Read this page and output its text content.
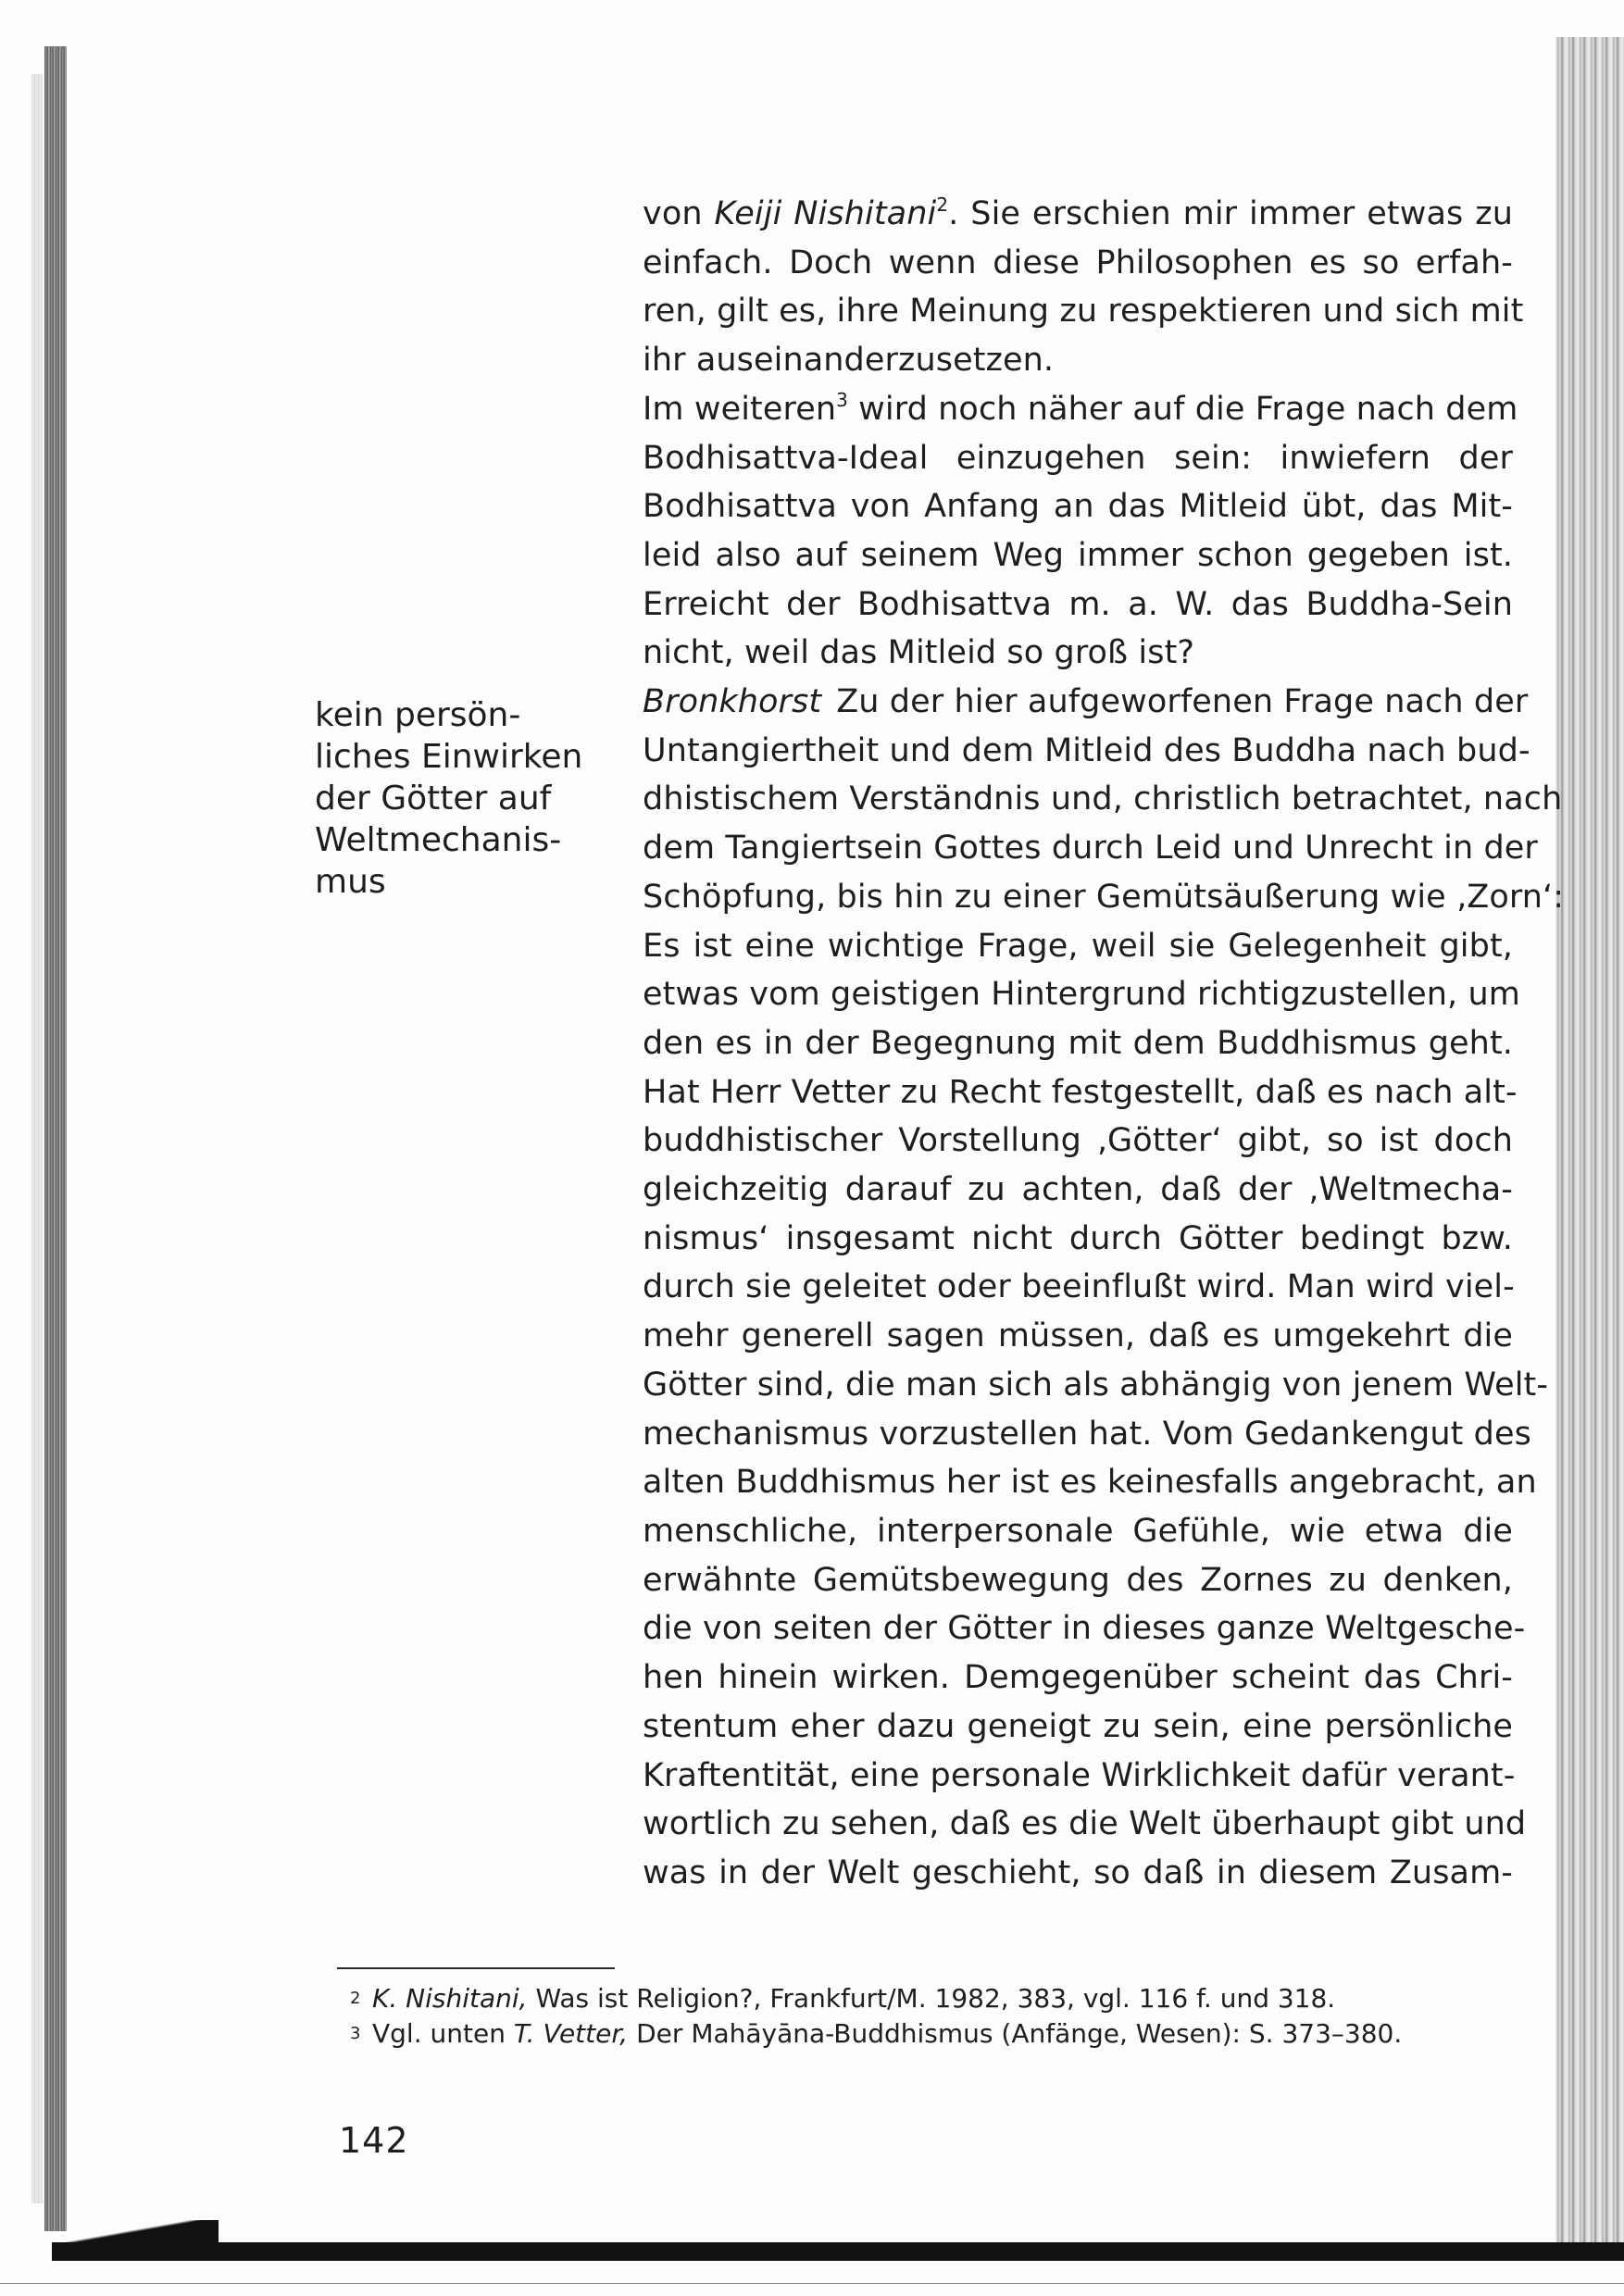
von Keiji Nishitani$^2$. Sie erschien mir immer etwas zu
einfach. Doch wenn diese Philosophen es so erfah-
ren, gilt es, ihre Meinung zu respektieren und sich mit
ihr auseinanderzusetzen.
Im weiteren$^3$ wird noch näher auf die Frage nach dem
Bodhisattva-Ideal einzugehen sein: inwiefern der
Bodhisattva von Anfang an das Mitleid übt, das Mit-
leid also auf seinem Weg immer schon gegeben ist.
Erreicht der Bodhisattva m. a. W. das Buddha-Sein
nicht, weil das Mitleid so groß ist?
Bronkhorst Zu der hier aufgeworfenen Frage nach der
Untangiertheit und dem Mitleid des Buddha nach bud-
dhistischem Verständnis und, christlich betrachtet, nach
dem Tangiertsein Gottes durch Leid und Unrecht in der
Schöpfung, bis hin zu einer Gemütsäußerung wie ‚Zorn‘:
Es ist eine wichtige Frage, weil sie Gelegenheit gibt,
etwas vom geistigen Hintergrund richtigzustellen, um
den es in der Begegnung mit dem Buddhismus geht.
Hat Herr Vetter zu Recht festgestellt, daß es nach alt-
buddhistischer Vorstellung ‚Götter‘ gibt, so ist doch
gleichzeitig darauf zu achten, daß der ‚Weltmecha-
nismus‘ insgesamt nicht durch Götter bedingt bzw.
durch sie geleitet oder beeinflußt wird. Man wird viel-
mehr generell sagen müssen, daß es umgekehrt die
Götter sind, die man sich als abhängig von jenem Welt-
mechanismus vorzustellen hat. Vom Gedankengut des
alten Buddhismus her ist es keinesfalls angebracht, an
menschliche, interpersonale Gefühle, wie etwa die
erwähnte Gemütsbewegung des Zornes zu denken,
die von seiten der Götter in dieses ganze Weltgesche-
hen hinein wirken. Demgegenüber scheint das Chri-
stentum eher dazu geneigt zu sein, eine persönliche
Kraftentität, eine personale Wirklichkeit dafür verant-
wortlich zu sehen, daß es die Welt überhaupt gibt und
was in der Welt geschieht, so daß in diesem Zusam-
kein persön-
liches Einwirken
der Götter auf
Weltmechanis-
mus
2 K. Nishitani, Was ist Religion?, Frankfurt/M. 1982, 383, vgl. 116 f. und 318.
3 Vgl. unten T. Vetter, Der Mahāyāna-Buddhismus (Anfänge, Wesen): S. 373–380.
142
